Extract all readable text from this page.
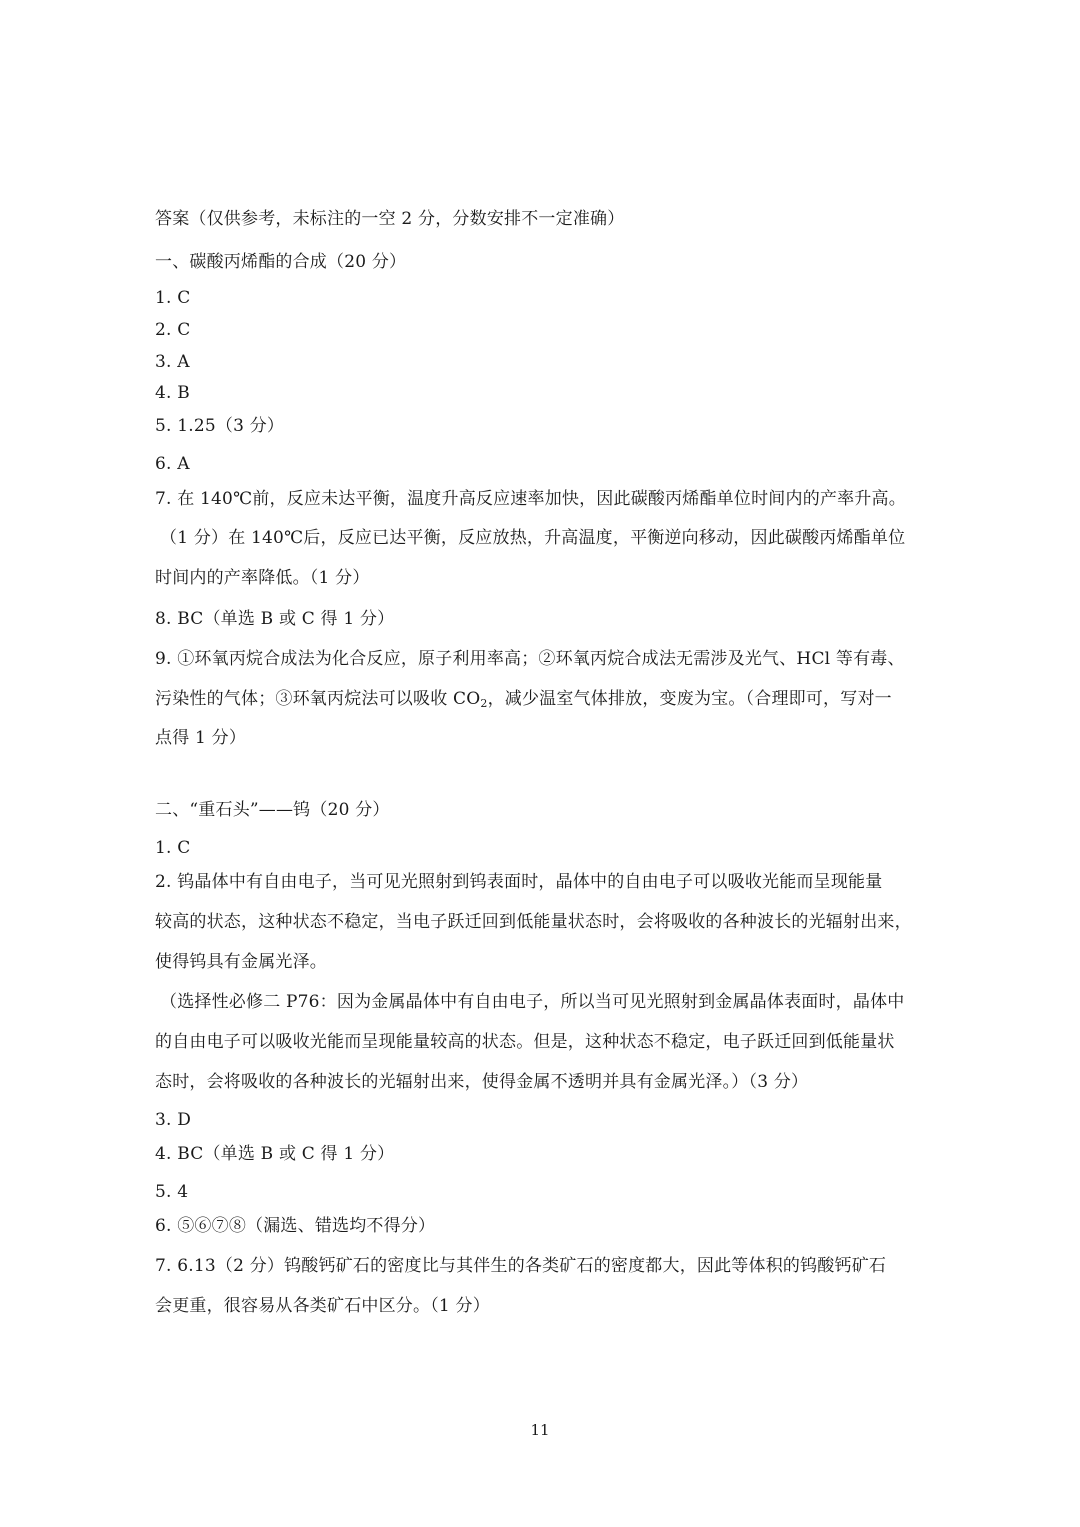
答案（仅供参考，未标注的一空 2 分，分数安排不一定准确）
一、碳酸丙烯酯的合成（20 分）
1. C
2. C
3. A
4. B
5. 1.25（3 分）
6. A
7. 在 140℃前，反应未达平衡，温度升高反应速率加快，因此碳酸丙烯酯单位时间内的产率升高。
（1 分）在 140℃后，反应已达平衡，反应放热，升高温度，平衡逆向移动，因此碳酸丙烯酯单位
时间内的产率降低。（1 分）
8. BC（单选 B 或 C 得 1 分）
9. ①环氧丙烷合成法为化合反应，原子利用率高；②环氧丙烷合成法无需涉及光气、HCl 等有毒、
污染性的气体；③环氧丙烷法可以吸收 $CO_2$，减少温室气体排放，变废为宝。（合理即可，写对一
点得 1 分）
二、“重石头”——钨（20 分）
1. C
2. 钨晶体中有自由电子，当可见光照射到钨表面时，晶体中的自由电子可以吸收光能而呈现能量
较高的状态，这种状态不稳定，当电子跃迁回到低能量状态时，会将吸收的各种波长的光辐射出来，
使得钨具有金属光泽。
（选择性必修二 P76：因为金属晶体中有自由电子，所以当可见光照射到金属晶体表面时，晶体中
的自由电子可以吸收光能而呈现能量较高的状态。但是，这种状态不稳定，电子跃迁回到低能量状
态时，会将吸收的各种波长的光辐射出来，使得金属不透明并具有金属光泽。）（3 分）
3. D
4. BC（单选 B 或 C 得 1 分）
5. 4
6. ⑤⑥⑦⑧（漏选、错选均不得分）
7. 6.13（2 分）钨酸钙矿石的密度比与其伴生的各类矿石的密度都大，因此等体积的钨酸钙矿石
会更重，很容易从各类矿石中区分。（1 分）
11
